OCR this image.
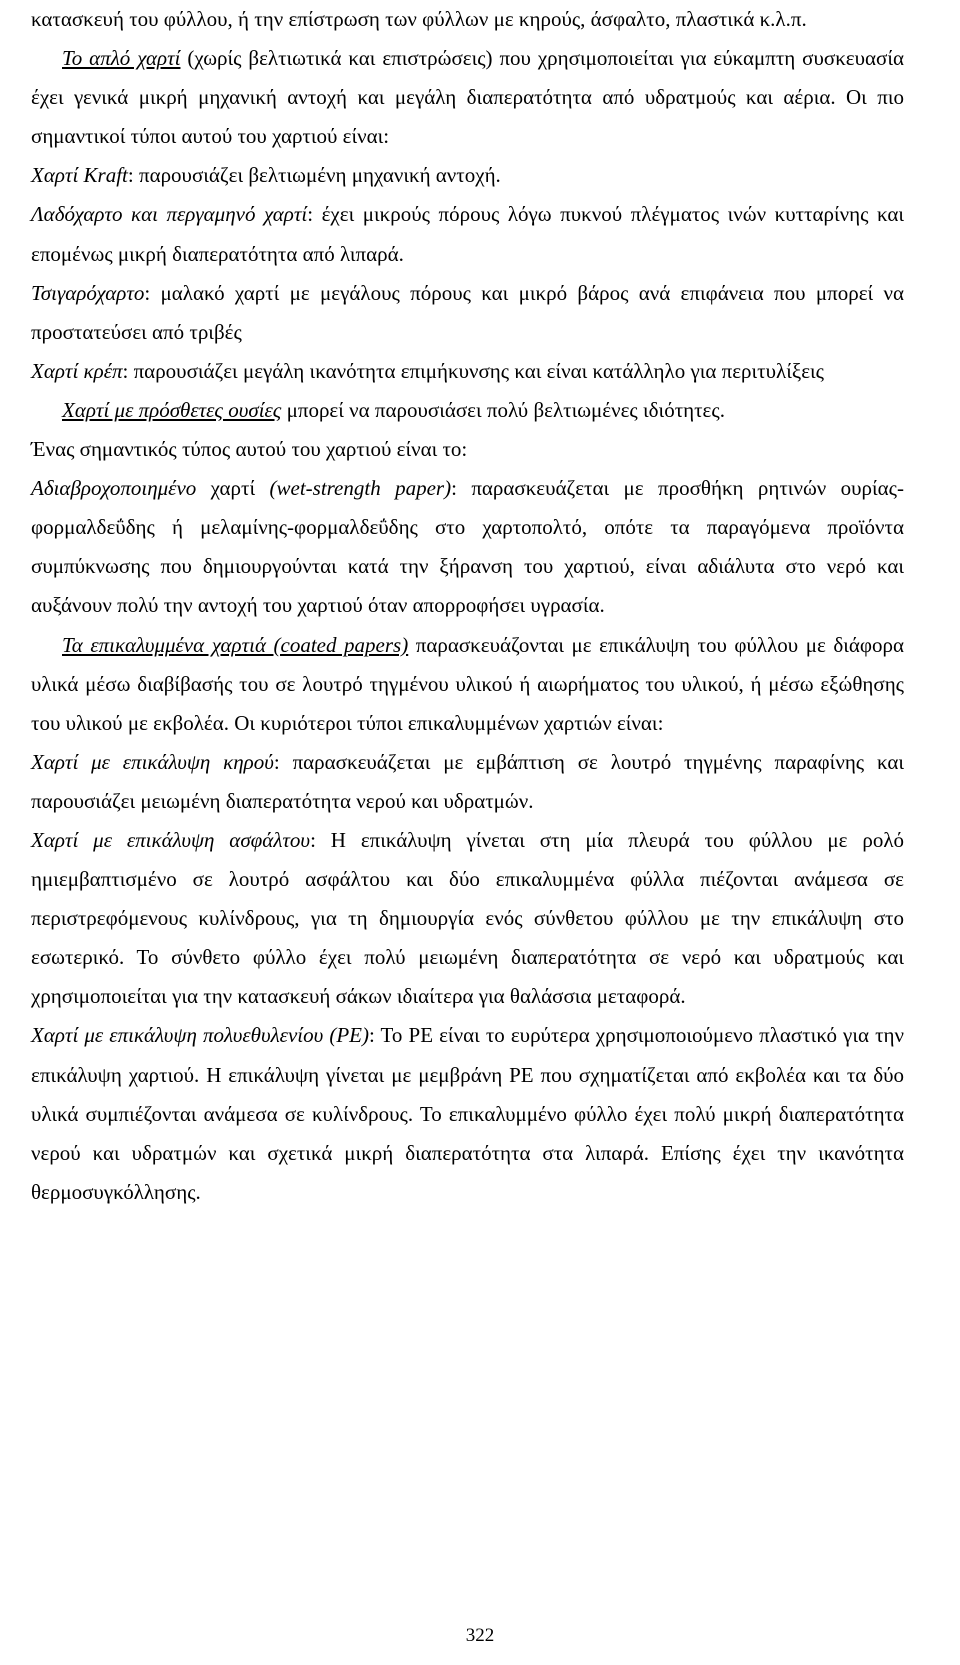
κατασκευή του φύλλου, ή την επίστρωση των φύλλων με κηρούς, άσφαλτο, πλαστικά κ.λ.π.

Το απλό χαρτί (χωρίς βελτιωτικά και επιστρώσεις) που χρησιμοποιείται για εύκαμπτη συσκευασία έχει γενικά μικρή μηχανική αντοχή και μεγάλη διαπερατότητα από υδρατμούς και αέρια. Οι πιο σημαντικοί τύποι αυτού του χαρτιού είναι:

Χαρτί Kraft: παρουσιάζει βελτιωμένη μηχανική αντοχή.

Λαδόχαρτο και περγαμηνό χαρτί: έχει μικρούς πόρους λόγω πυκνού πλέγματος ινών κυτταρίνης και επομένως μικρή διαπερατότητα από λιπαρά.

Τσιγαρόχαρτο: μαλακό χαρτί με μεγάλους πόρους και μικρό βάρος ανά επιφάνεια που μπορεί να προστατεύσει από τριβές

Χαρτί κρέπ: παρουσιάζει μεγάλη ικανότητα επιμήκυνσης και είναι κατάλληλο για περιτυλίξεις

Χαρτί με πρόσθετες ουσίες μπορεί να παρουσιάσει πολύ βελτιωμένες ιδιότητες.

Ένας σημαντικός τύπος αυτού του χαρτιού είναι το:

Αδιαβροχοποιημένο χαρτί (wet-strength paper): παρασκευάζεται με προσθήκη ρητινών ουρίας-φορμαλδεΰδης ή μελαμίνης-φορμαλδεΰδης στο χαρτοπολτό, οπότε τα παραγόμενα προϊόντα συμπύκνωσης που δημιουργούνται κατά την ξήρανση του χαρτιού, είναι αδιάλυτα στο νερό και αυξάνουν πολύ την αντοχή του χαρτιού όταν απορροφήσει υγρασία.

Τα επικαλυμμένα χαρτιά (coated papers) παρασκευάζονται με επικάλυψη του φύλλου με διάφορα υλικά μέσω διαβίβασής του σε λουτρό τηγμένου υλικού ή αιωρήματος του υλικού, ή μέσω εξώθησης του υλικού με εκβολέα. Οι κυριότεροι τύποι επικαλυμμένων χαρτιών είναι:

Χαρτί με επικάλυψη κηρού: παρασκευάζεται με εμβάπτιση σε λουτρό τηγμένης παραφίνης και παρουσιάζει μειωμένη διαπερατότητα νερού και υδρατμών.

Χαρτί με επικάλυψη ασφάλτου: Η επικάλυψη γίνεται στη μία πλευρά του φύλλου με ρολό ημιεμβαπτισμένο σε λουτρό ασφάλτου και δύο επικαλυμμένα φύλλα πιέζονται ανάμεσα σε περιστρεφόμενους κυλίνδρους, για τη δημιουργία ενός σύνθετου φύλλου με την επικάλυψη στο εσωτερικό. Το σύνθετο φύλλο έχει πολύ μειωμένη διαπερατότητα σε νερό και υδρατμούς και χρησιμοποιείται για την κατασκευή σάκων ιδιαίτερα για θαλάσσια μεταφορά.

Χαρτί με επικάλυψη πολυεθυλενίου (PE): Το PE είναι το ευρύτερα χρησιμοποιούμενο πλαστικό για την επικάλυψη χαρτιού. Η επικάλυψη γίνεται με μεμβράνη PE που σχηματίζεται από εκβολέα και τα δύο υλικά συμπιέζονται ανάμεσα σε κυλίνδρους. Το επικαλυμμένο φύλλο έχει πολύ μικρή διαπερατότητα νερού και υδρατμών και σχετικά μικρή διαπερατότητα στα λιπαρά. Επίσης έχει την ικανότητα θερμοσυγκόλλησης.

322
